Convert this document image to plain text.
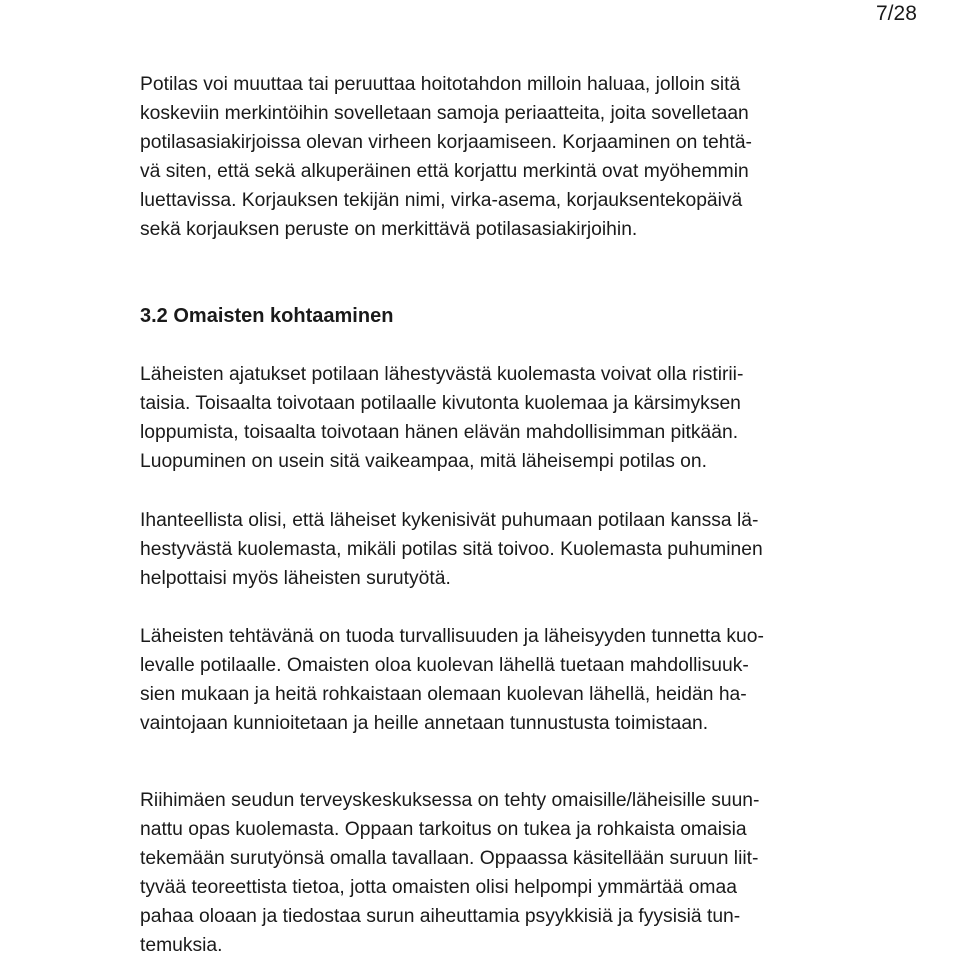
7/28

Potilas voi muuttaa tai peruuttaa hoitotahdon milloin haluaa, jolloin sitä
koskeviin merkintöihin sovelletaan samoja periaatteita, joita sovelletaan
potilasasiakirjoissa olevan virheen korjaamiseen. Korjaaminen on tehtä-
vä siten, että sekä alkuperäinen että korjattu merkintä ovat myöhemmin
luettavissa. Korjauksen tekijän nimi, virka-asema, korjauksentekopäivä
sekä korjauksen peruste on merkittävä potilasasiakirjoihin.

3.2 Omaisten kohtaaminen

Läheisten ajatukset potilaan lähestyvästä kuolemasta voivat olla ristirii-
taisia. Toisaalta toivotaan potilaalle kivutonta kuolemaa ja kärsimyksen
loppumista, toisaalta toivotaan hänen elävän mahdollisimman pitkään.
Luopuminen on usein sitä vaikeampaa, mitä läheisempi potilas on.

Ihanteellista olisi, että läheiset kykenisivät puhumaan potilaan kanssa lä-
hestyvästä kuolemasta, mikäli potilas sitä toivoo. Kuolemasta puhuminen
helpottaisi myös läheisten surutyötä.

Läheisten tehtävänä on tuoda turvallisuuden ja läheisyyden tunnetta kuo-
levalle potilaalle. Omaisten oloa kuolevan lähellä tuetaan mahdollisuuk-
sien mukaan ja heitä rohkaistaan olemaan kuolevan lähellä, heidän ha-
vaintojaan kunnioitetaan ja heille annetaan tunnustusta toimistaan.

Riihimäen seudun terveyskeskuksessa on tehty omaisille/läheisille suun-
nattu opas kuolemasta. Oppaan tarkoitus on tukea ja rohkaista omaisia
tekemään surutyönsä omalla tavallaan. Oppaassa käsitellään suruun liit-
tyvää teoreettista tietoa, jotta omaisten olisi helpompi ymmärtää omaa
pahaa oloaan ja tiedostaa surun aiheuttamia psyykkisiä ja fyysisiä tun-
temuksia.
